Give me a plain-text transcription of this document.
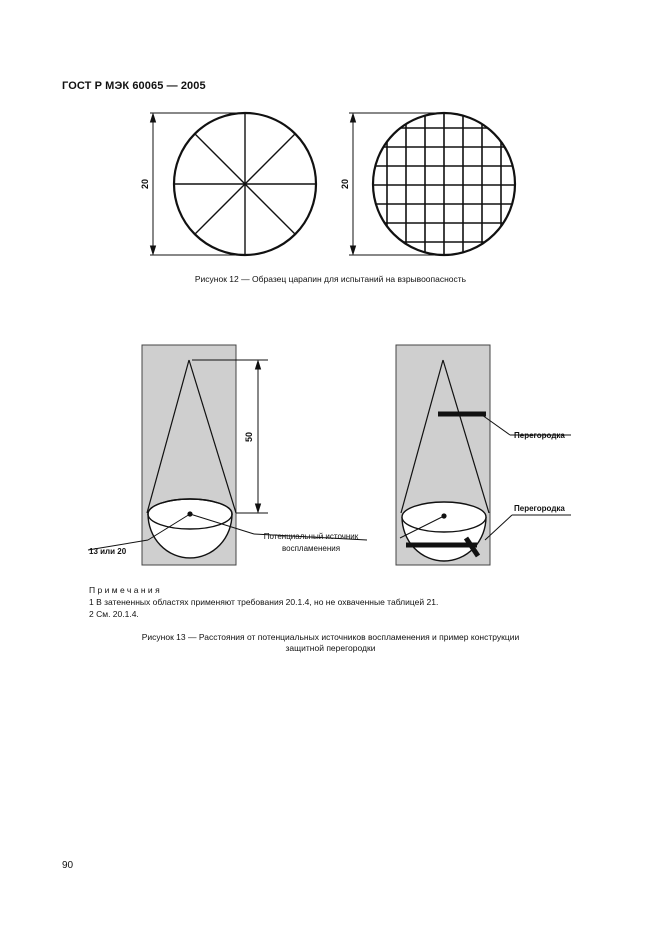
ГОСТ Р МЭК 60065 — 2005
20	20
Рисунок 12 — Образец царапин для испытаний на взрывоопасность
50
13 или 20
Потенциальный источник
воспламенения
Перегородка
Перегородка
Примечания
1 В затененных областях применяют требования 20.1.4, но не охваченные таблицей 21.
2 См. 20.1.4.
Рисунок 13 — Расстояния от потенциальных источников воспламенения и пример конструкции
защитной перегородки
90
